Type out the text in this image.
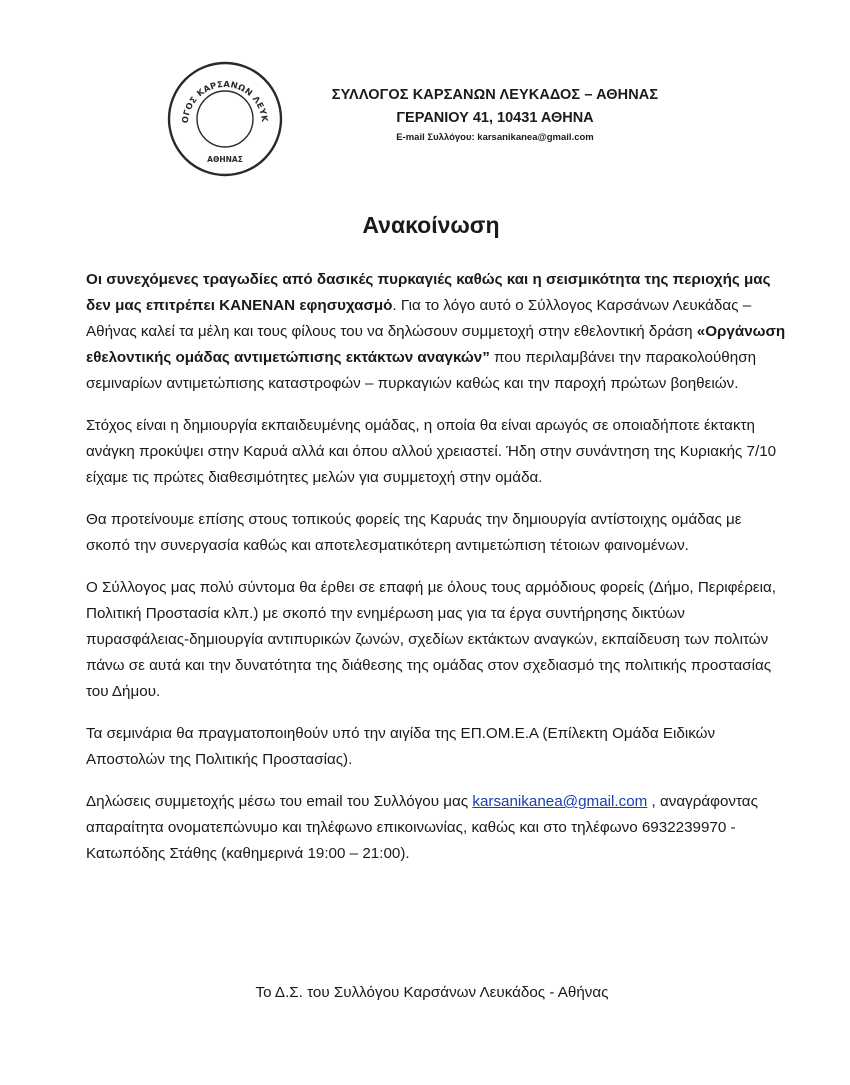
ΟΓΟΣ ΚΑΡΣΑΝΩΝ ΛΕΥΚ
ΑΘΗΝΑΣ
ΣΥΛΛΟΓΟΣ ΚΑΡΣΑΝΩΝ ΛΕΥΚΑΔΟΣ – ΑΘΗΝΑΣ
ΓΕΡΑΝΙΟΥ 41, 10431 ΑΘΗΝΑ
E-mail Συλλόγου: karsanikanea@gmail.com
Ανακοίνωση

Οι συνεχόμενες τραγωδίες από δασικές πυρκαγιές καθώς και η σεισμικότητα της περιοχής μας δεν μας επιτρέπει ΚΑΝΕΝΑΝ εφησυχασμό. Για το λόγο αυτό ο Σύλλογος Καρσάνων Λευκάδας – Αθήνας καλεί τα μέλη και τους φίλους του να δηλώσουν συμμετοχή στην εθελοντική δράση «Οργάνωση εθελοντικής ομάδας αντιμετώπισης εκτάκτων αναγκών” που περιλαμβάνει την παρακολούθηση σεμιναρίων αντιμετώπισης καταστροφών – πυρκαγιών καθώς και την παροχή πρώτων βοηθειών.

Στόχος είναι η δημιουργία εκπαιδευμένης ομάδας, η οποία θα είναι αρωγός σε οποιαδήποτε έκτακτη ανάγκη προκύψει στην Καρυά αλλά και όπου αλλού χρειαστεί. Ήδη στην συνάντηση της Κυριακής 7/10 είχαμε τις πρώτες διαθεσιμότητες μελών για συμμετοχή στην ομάδα.

Θα προτείνουμε επίσης στους τοπικούς φορείς της Καρυάς την δημιουργία αντίστοιχης ομάδας με σκοπό την συνεργασία καθώς και αποτελεσματικότερη αντιμετώπιση τέτοιων φαινομένων.

Ο Σύλλογος μας πολύ σύντομα θα έρθει σε επαφή με όλους τους αρμόδιους φορείς (Δήμο, Περιφέρεια, Πολιτική Προστασία κλπ.) με σκοπό την ενημέρωση μας για τα έργα συντήρησης δικτύων πυρασφάλειας-δημιουργία αντιπυρικών ζωνών, σχεδίων εκτάκτων αναγκών, εκπαίδευση των πολιτών πάνω σε αυτά και την δυνατότητα της διάθεσης της ομάδας στον σχεδιασμό της πολιτικής προστασίας του Δήμου.

Τα σεμινάρια θα πραγματοποιηθούν υπό την αιγίδα της ΕΠ.ΟΜ.Ε.Α (Επίλεκτη Ομάδα Ειδικών Αποστολών της Πολιτικής Προστασίας).

Δηλώσεις συμμετοχής μέσω του email του Συλλόγου μας karsanikanea@gmail.com , αναγράφοντας απαραίτητα ονοματεπώνυμο και τηλέφωνο επικοινωνίας, καθώς και στο τηλέφωνο 6932239970 - Κατωπόδης Στάθης (καθημερινά 19:00 – 21:00).

Το Δ.Σ. του Συλλόγου Καρσάνων Λευκάδος - Αθήνας
